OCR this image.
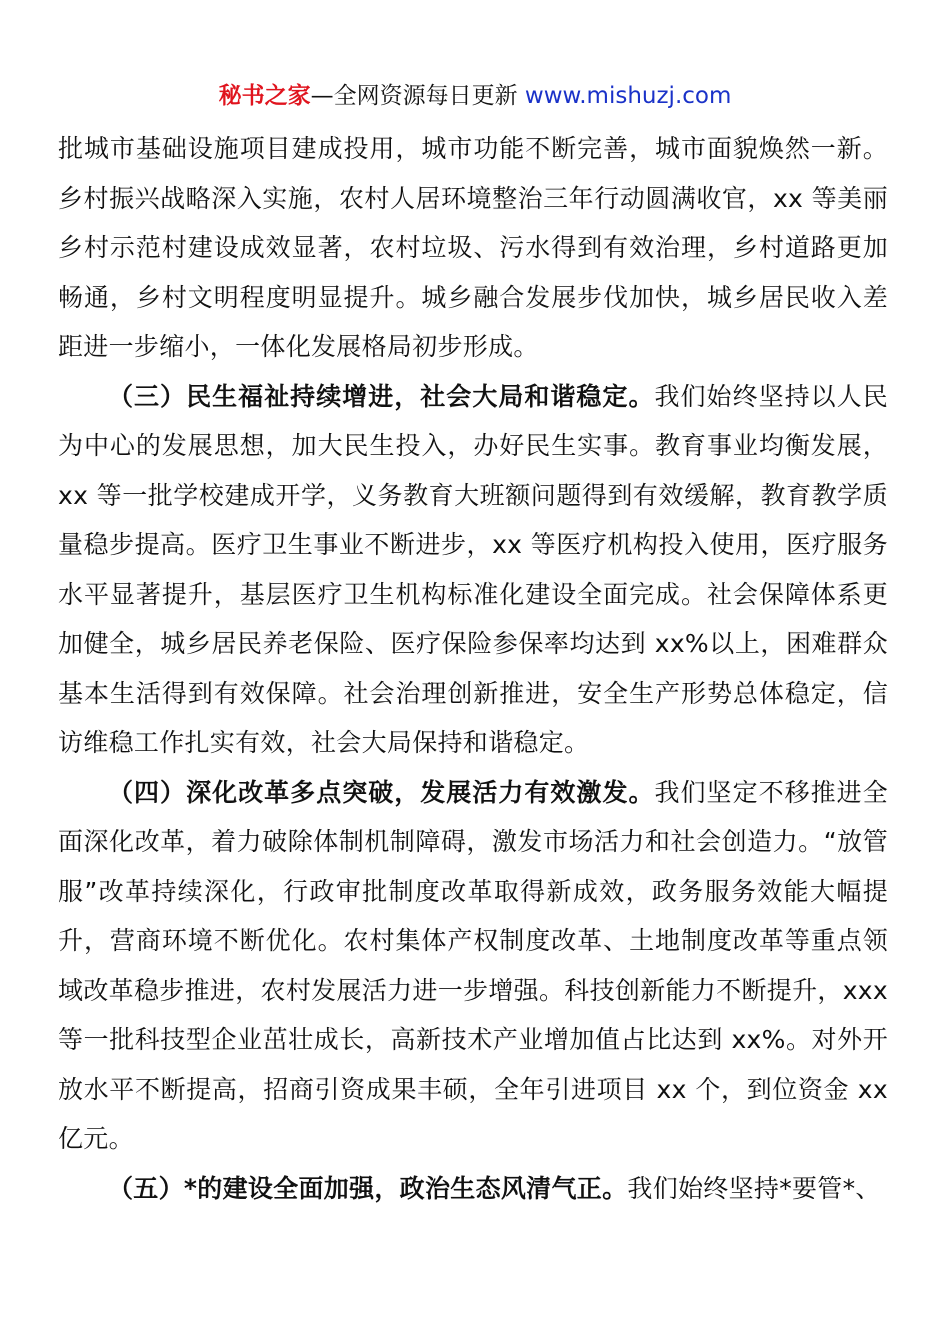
秘书之家—全网资源每日更新 www.mishuzj.com

批城市基础设施项目建成投用，城市功能不断完善，城市面貌焕然一新。乡村振兴战略深入实施，农村人居环境整治三年行动圆满收官，xx 等美丽乡村示范村建设成效显著，农村垃圾、污水得到有效治理，乡村道路更加畅通，乡村文明程度明显提升。城乡融合发展步伐加快，城乡居民收入差距进一步缩小，一体化发展格局初步形成。

（三）民生福祉持续增进，社会大局和谐稳定。我们始终坚持以人民为中心的发展思想，加大民生投入，办好民生实事。教育事业均衡发展，xx 等一批学校建成开学，义务教育大班额问题得到有效缓解，教育教学质量稳步提高。医疗卫生事业不断进步，xx 等医疗机构投入使用，医疗服务水平显著提升，基层医疗卫生机构标准化建设全面完成。社会保障体系更加健全，城乡居民养老保险、医疗保险参保率均达到 xx%以上，困难群众基本生活得到有效保障。社会治理创新推进，安全生产形势总体稳定，信访维稳工作扎实有效，社会大局保持和谐稳定。

（四）深化改革多点突破，发展活力有效激发。我们坚定不移推进全面深化改革，着力破除体制机制障碍，激发市场活力和社会创造力。“放管服”改革持续深化，行政审批制度改革取得新成效，政务服务效能大幅提升，营商环境不断优化。农村集体产权制度改革、土地制度改革等重点领域改革稳步推进，农村发展活力进一步增强。科技创新能力不断提升，xxx 等一批科技型企业茁壮成长，高新技术产业增加值占比达到 xx%。对外开放水平不断提高，招商引资成果丰硕，全年引进项目 xx 个，到位资金 xx 亿元。

（五）*的建设全面加强，政治生态风清气正。我们始终坚持*要管*、
